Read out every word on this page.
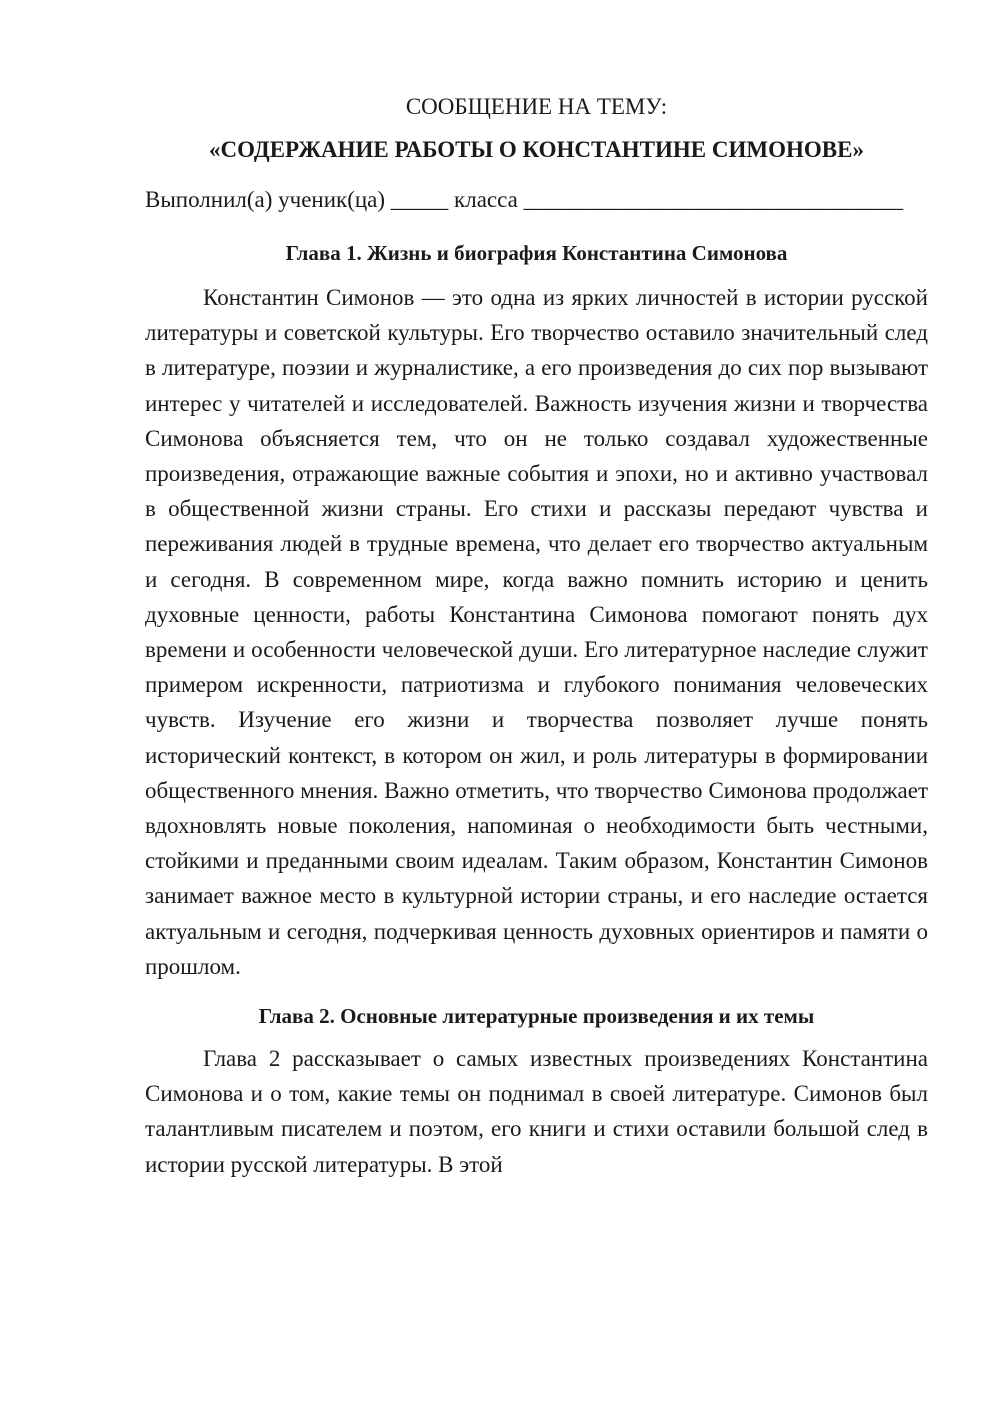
СООБЩЕНИЕ НА ТЕМУ:
«СОДЕРЖАНИЕ РАБОТЫ О КОНСТАНТИНЕ СИМОНОВЕ»
Выполнил(а) ученик(ца) _____ класса _________________________________
Глава 1. Жизнь и биография Константина Симонова

Константин Симонов — это одна из ярких личностей в истории русской литературы и советской культуры. Его творчество оставило значительный след в литературе, поэзии и журналистике, а его произведения до сих пор вызывают интерес у читателей и исследователей. Важность изучения жизни и творчества Симонова объясняется тем, что он не только создавал художественные произведения, отражающие важные события и эпохи, но и активно участвовал в общественной жизни страны. Его стихи и рассказы передают чувства и переживания людей в трудные времена, что делает его творчество актуальным и сегодня. В современном мире, когда важно помнить историю и ценить духовные ценности, работы Константина Симонова помогают понять дух времени и особенности человеческой души. Его литературное наследие служит примером искренности, патриотизма и глубокого понимания человеческих чувств. Изучение его жизни и творчества позволяет лучше понять исторический контекст, в котором он жил, и роль литературы в формировании общественного мнения. Важно отметить, что творчество Симонова продолжает вдохновлять новые поколения, напоминая о необходимости быть честными, стойкими и преданными своим идеалам. Таким образом, Константин Симонов занимает важное место в культурной истории страны, и его наследие остается актуальным и сегодня, подчеркивая ценность духовных ориентиров и памяти о прошлом.

Глава 2. Основные литературные произведения и их темы

Глава 2 рассказывает о самых известных произведениях Константина Симонова и о том, какие темы он поднимал в своей литературе. Симонов был талантливым писателем и поэтом, его книги и стихи оставили большой след в истории русской литературы. В этой
